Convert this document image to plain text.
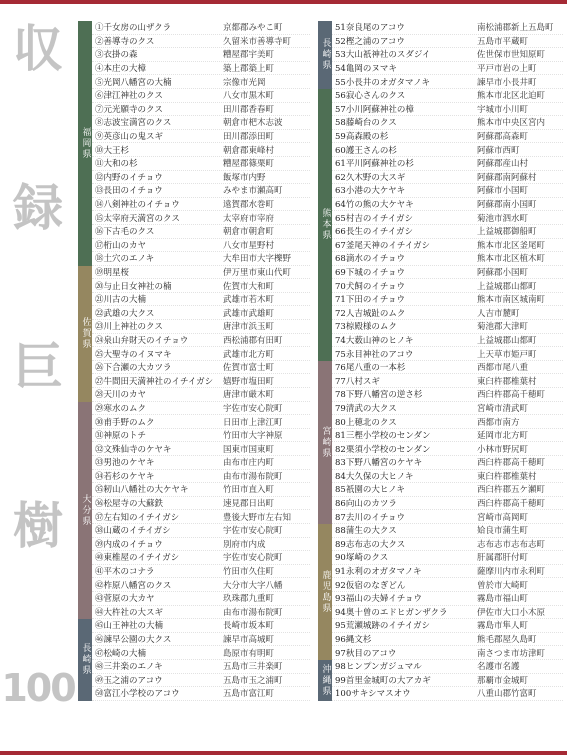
収
録
巨
樹
100
福岡県
①千女房の山ザクラ	京都郡みやこ町
②善導寺のクス	久留米市善導寺町
③衣掛の森	糟屋郡宇美町
④本庄の大樟	築上郡築上町
⑤光岡八幡宮の大楠	宗像市光岡
⑥津江神社のクス	八女市黒木町
⑦元光願寺のクス	田川郡香春町
⑧志波宝満宮のクス	朝倉市杷木志波
⑨英彦山の鬼スギ	田川郡添田町
⑩大王杉	朝倉郡東峰村
⑪大和の杉	糟屋郡篠栗町
⑫内野のイチョウ	飯塚市内野
⑬長田のイチョウ	みやま市瀬高町
⑭八剣神社のイチョウ	遠賀郡水巻町
⑮太宰府天満宮のクス	太宰府市宰府
⑯下古毛のクス	朝倉市朝倉町
⑰桁山のカヤ	八女市星野村
⑱土穴のエノキ	大牟田市大字櫟野
佐賀県
⑲明星桜	伊万里市東山代町
⑳与止日女神社の楠	佐賀市大和町
㉑川古の大楠	武雄市若木町
㉒武雄の大クス	武雄市武雄町
㉓川上神社のクス	唐津市浜玉町
㉔泉山弁財天のイチョウ	西松浦郡有田町
㉕大聖寺のイヌマキ	武雄市北方町
㉖下合瀬の大カツラ	佐賀市富士町
㉗牛間田天満神社のイチイガシ	嬉野市塩田町
㉘天川のカヤ	唐津市厳木町
大分県
㉙寒水のムク	宇佐市安心院町
㉚甫手野のムク	日田市上津江町
㉛神原のトチ	竹田市大字神原
㉜文殊仙寺のケヤキ	国東市国東町
㉝男池のケヤキ	由布市庄内町
㉞若杉のケヤキ	由布市湯布院町
㉟籾山八幡社の大ケヤキ	竹田市直入町
㊱松屋寺の大蘇鉄	速見郡日出町
㊲左右知のイチイガシ	豊後大野市左右知
㊳山蔵のイチイガシ	宇佐市安心院町
㊴内成のイチョウ	別府市内成
㊵東椎屋のイチイガシ	宇佐市安心院町
㊶平木のコナラ	竹田市久住町
㊷柞原八幡宮のクス	大分市大字八幡
㊸菅原の大カヤ	玖珠郡九重町
㊹大杵社の大スギ	由布市湯布院町
長崎県
㊺山王神社の大楠	長崎市坂本町
㊻諫早公園の大クス	諫早市高城町
㊼松崎の大楠	島原市有明町
㊽三井楽のエノキ	五島市三井楽町
㊾玉之浦のアコウ	五島市玉之浦町
㊿富江小学校のアコウ	五島市富江町
長崎県
51奈良尾のアコウ	南松浦郡新上五島町
52樫之浦のアコウ	五島市平蔵町
53大山祇神社のスダジイ	佐世保市世知原町
54亀岡のヌマキ	平戸市岩の上町
55小長井のオガタマノキ	諫早市小長井町
熊本県
56寂心さんのクス	熊本市北区北迫町
57小川阿蘇神社の樟	宇城市小川町
58藤崎台のクス	熊本市中央区宮内
59高森殿の杉	阿蘇郡高森町
60護王さんの杉	阿蘇市西町
61平川阿蘇神社の杉	阿蘇郡産山村
62久木野の大スギ	阿蘇郡南阿蘇村
63小港の大ケヤキ	阿蘇市小国町
64竹の熊の大ケヤキ	阿蘇郡南小国町
65村吉のイチイガシ	菊池市泗水町
66長生のイチイガシ	上益城郡御船町
67釜尾天神のイチイガシ	熊本市北区釜尾町
68滴水のイチョウ	熊本市北区植木町
69下城のイチョウ	阿蘇郡小国町
70犬飼のイチョウ	上益城郡山都町
71下田のイチョウ	熊本市南区城南町
72人吉城趾のムク	人吉市麓町
73椋殿様のムク	菊池郡大津町
74大薮山神のヒノキ	上益城郡山都町
75永目神社のアコウ	上天草市姫戸町
宮崎県
76尾八重の一本杉	西都市尾八重
77八村スギ	東臼杵郡椎葉村
78下野八幡宮の逆さ杉	西臼杵郡高千穂町
79清武の大クス	宮崎市清武町
80上穂北のクス	西都市南方
81三樫小学校のセンダン	延岡市北方町
82栗須小学校のセンダン	小林市野尻町
83下野八幡宮のケヤキ	西臼杵郡高千穂町
84大久保の大ヒノキ	東臼杵郡椎葉村
85祇園の大ヒノキ	西臼杵郡五ケ瀬町
86向山のカツラ	西臼杵郡高千穂町
87去川のイチョウ	宮崎市高岡町
鹿児島県
88蒲生の大クス	姶良市蒲生町
89志布志の大クス	志布志市志布志町
90塚崎のクス	肝属郡肝付町
91永利のオガタマノキ	薩摩川内市永利町
92仮宿のなぎどん	曽於市大崎町
93福山の夫婦イチョウ	霧島市福山町
94奥十曽のエドヒガンザクラ	伊佐市大口小木原
95荒瀬城跡のイチイガシ	霧島市隼人町
96縄文杉	熊毛郡屋久島町
97秋目のアコウ	南さつま市坊津町
沖縄県 98ヒンプンガジュマル	名護市名護
99首里金城町の大アカギ	那覇市金城町
100サキシマスオウ	八重山郡竹富町
